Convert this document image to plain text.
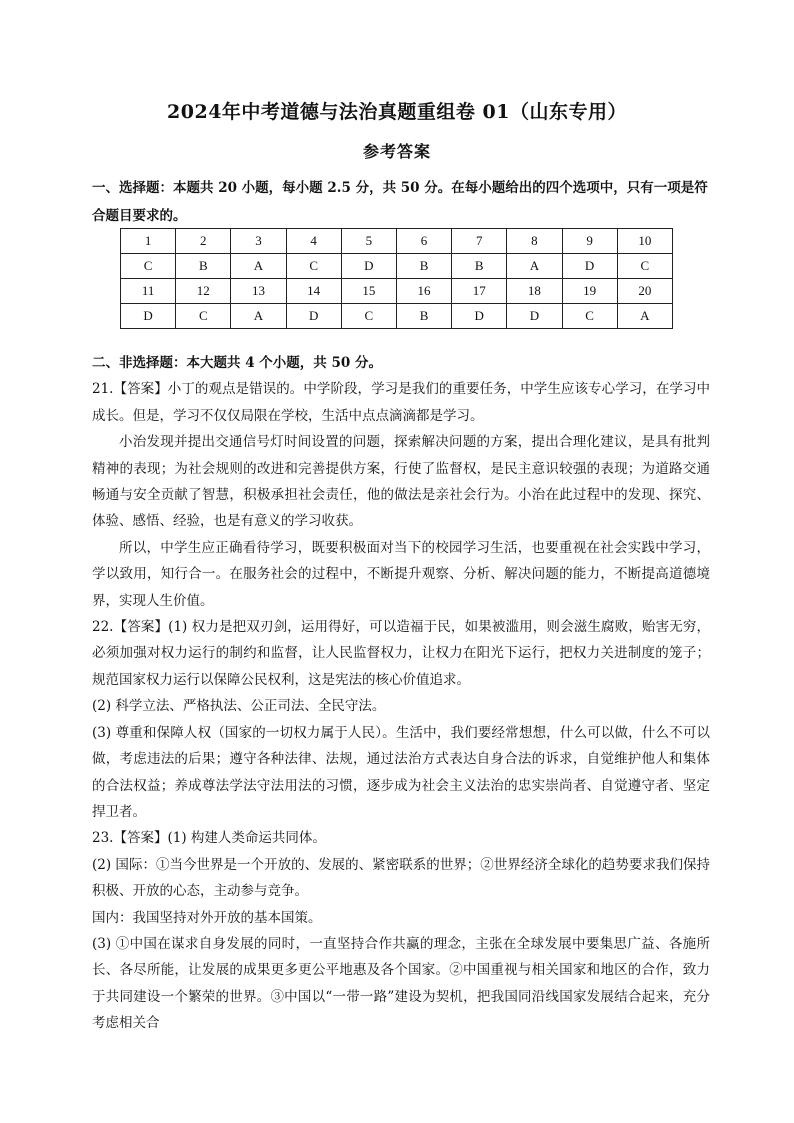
2024年中考道德与法治真题重组卷 01（山东专用）
参考答案

一、选择题：本题共 20 小题，每小题 2.5 分，共 50 分。在每小题给出的四个选项中，只有一项是符合题目要求的。

1	2	3	4	5	6	7	8	9	10
C	B	A	C	D	B	B	A	D	C
11	12	13	14	15	16	17	18	19	20
D	C	A	D	C	B	D	D	C	A

二、非选择题：本大题共 4 个小题，共 50 分。

21.【答案】小丁的观点是错误的。中学阶段，学习是我们的重要任务，中学生应该专心学习，在学习中成长。但是，学习不仅仅局限在学校，生活中点点滴滴都是学习。

小治发现并提出交通信号灯时间设置的问题，探索解决问题的方案，提出合理化建议，是具有批判精神的表现；为社会规则的改进和完善提供方案，行使了监督权，是民主意识较强的表现；为道路交通畅通与安全贡献了智慧，积极承担社会责任，他的做法是亲社会行为。小治在此过程中的发现、探究、体验、感悟、经验，也是有意义的学习收获。

所以，中学生应正确看待学习，既要积极面对当下的校园学习生活，也要重视在社会实践中学习，学以致用，知行合一。在服务社会的过程中，不断提升观察、分析、解决问题的能力，不断提高道德境界，实现人生价值。

22.【答案】(1) 权力是把双刃剑，运用得好，可以造福于民，如果被滥用，则会滋生腐败，贻害无穷，必须加强对权力运行的制约和监督，让人民监督权力，让权力在阳光下运行，把权力关进制度的笼子；规范国家权力运行以保障公民权利，这是宪法的核心价值追求。

(2) 科学立法、严格执法、公正司法、全民守法。

(3) 尊重和保障人权（国家的一切权力属于人民）。生活中，我们要经常想想，什么可以做，什么不可以做，考虑违法的后果；遵守各种法律、法规，通过法治方式表达自身合法的诉求，自觉维护他人和集体的合法权益；养成尊法学法守法用法的习惯，逐步成为社会主义法治的忠实崇尚者、自觉遵守者、坚定捍卫者。

23.【答案】(1) 构建人类命运共同体。

(2) 国际：①当今世界是一个开放的、发展的、紧密联系的世界；②世界经济全球化的趋势要求我们保持积极、开放的心态，主动参与竞争。

国内：我国坚持对外开放的基本国策。

(3) ①中国在谋求自身发展的同时，一直坚持合作共赢的理念，主张在全球发展中要集思广益、各施所长、各尽所能，让发展的成果更多更公平地惠及各个国家。②中国重视与相关国家和地区的合作，致力于共同建设一个繁荣的世界。③中国以“一带一路”建设为契机，把我国同沿线国家发展结合起来，充分考虑相关合
